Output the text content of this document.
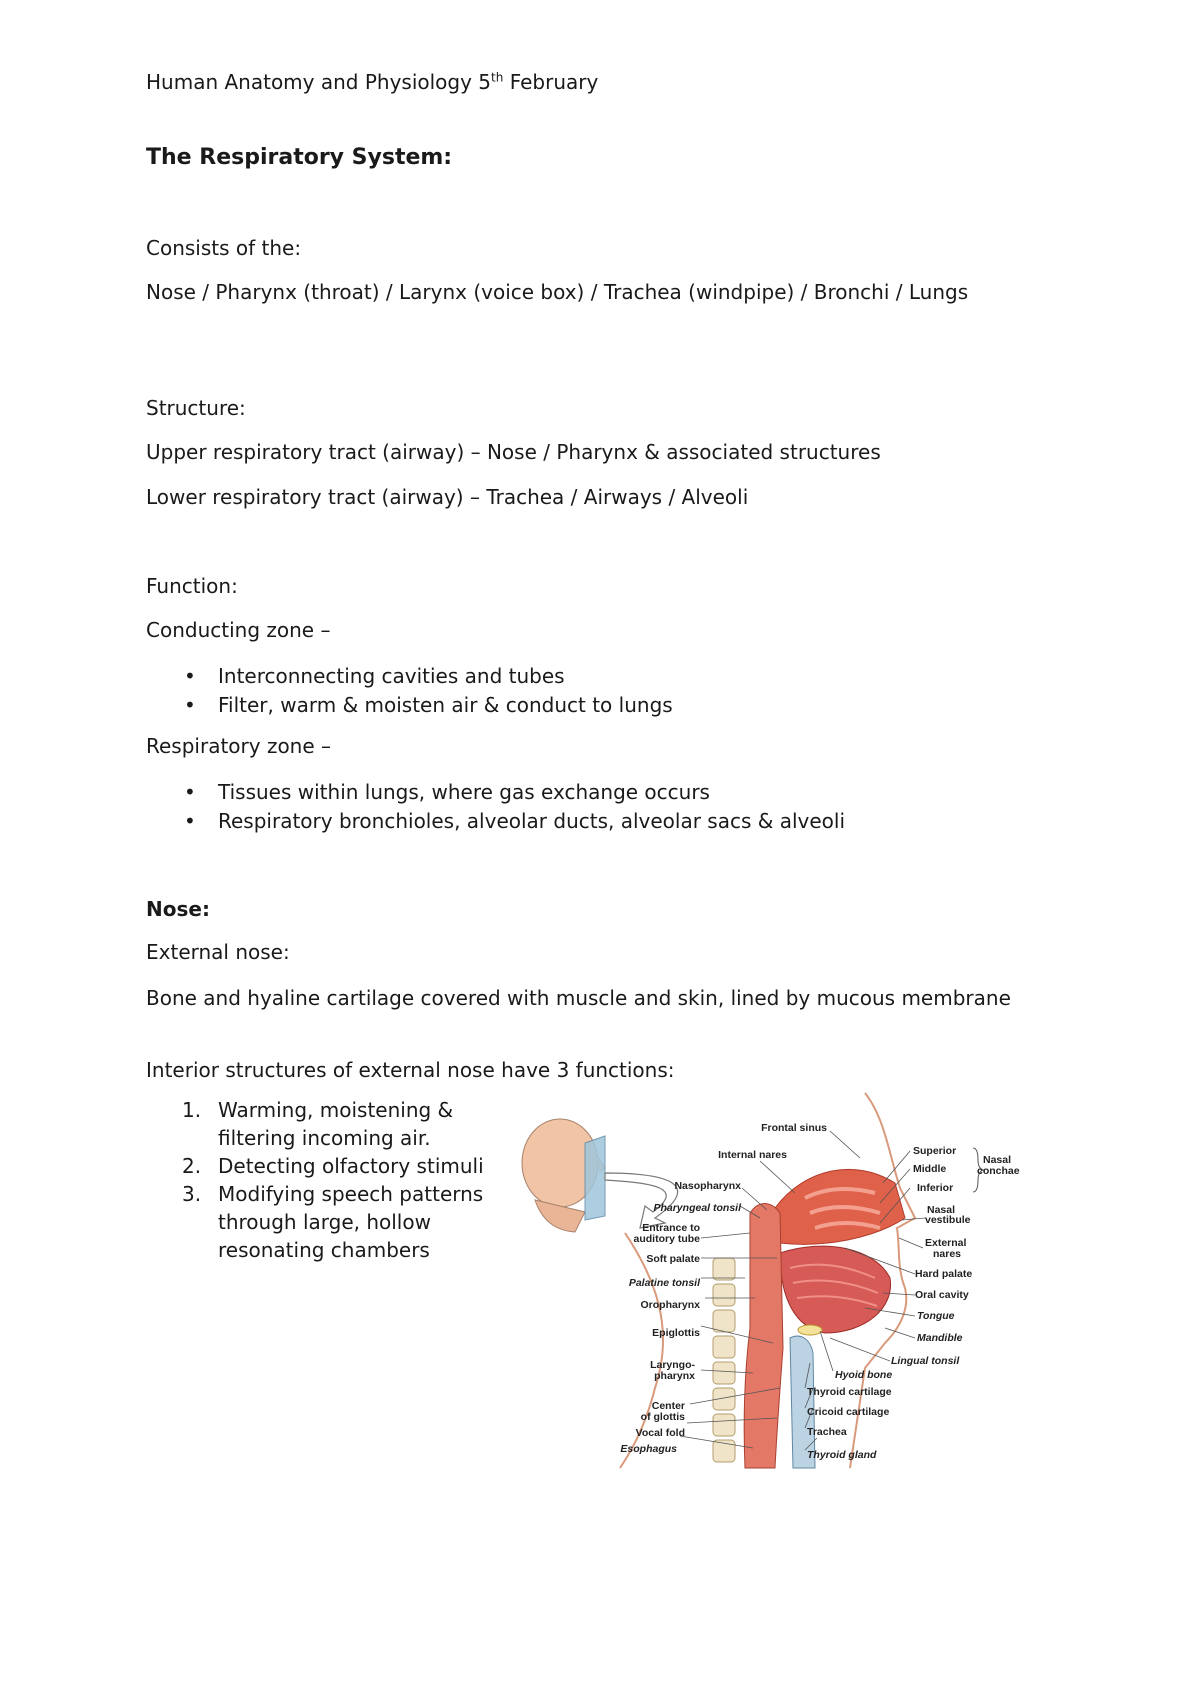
Human Anatomy and Physiology 5th February
The Respiratory System:
Consists of the:
Nose / Pharynx (throat) / Larynx (voice box) / Trachea (windpipe) / Bronchi / Lungs
Structure:
Upper respiratory tract (airway) – Nose / Pharynx & associated structures
Lower respiratory tract (airway) – Trachea / Airways / Alveoli
Function:
Conducting zone –
• Interconnecting cavities and tubes
• Filter, warm & moisten air & conduct to lungs
Respiratory zone –
• Tissues within lungs, where gas exchange occurs
• Respiratory bronchioles, alveolar ducts, alveolar sacs & alveoli
Nose:
External nose:
Bone and hyaline cartilage covered with muscle and skin, lined by mucous membrane
Interior structures of external nose have 3 functions:
1. Warming, moistening & filtering incoming air.
2. Detecting olfactory stimuli
3. Modifying speech patterns through large, hollow resonating chambers
Frontal sinus
Internal nares
Nasopharynx
Pharyngeal tonsil
Entrance to
auditory tube
Soft palate
Palatine tonsil
Oropharynx
Epiglottis
Laryngo-
pharynx
Center
of glottis
Vocal fold
Esophagus
Superior
Middle
Inferior
Nasal
conchae
Nasal
vestibule
External
nares
Hard palate
Oral cavity
Tongue
Mandible
Lingual tonsil
Hyoid bone
Thyroid cartilage
Cricoid cartilage
Trachea
Thyroid gland
